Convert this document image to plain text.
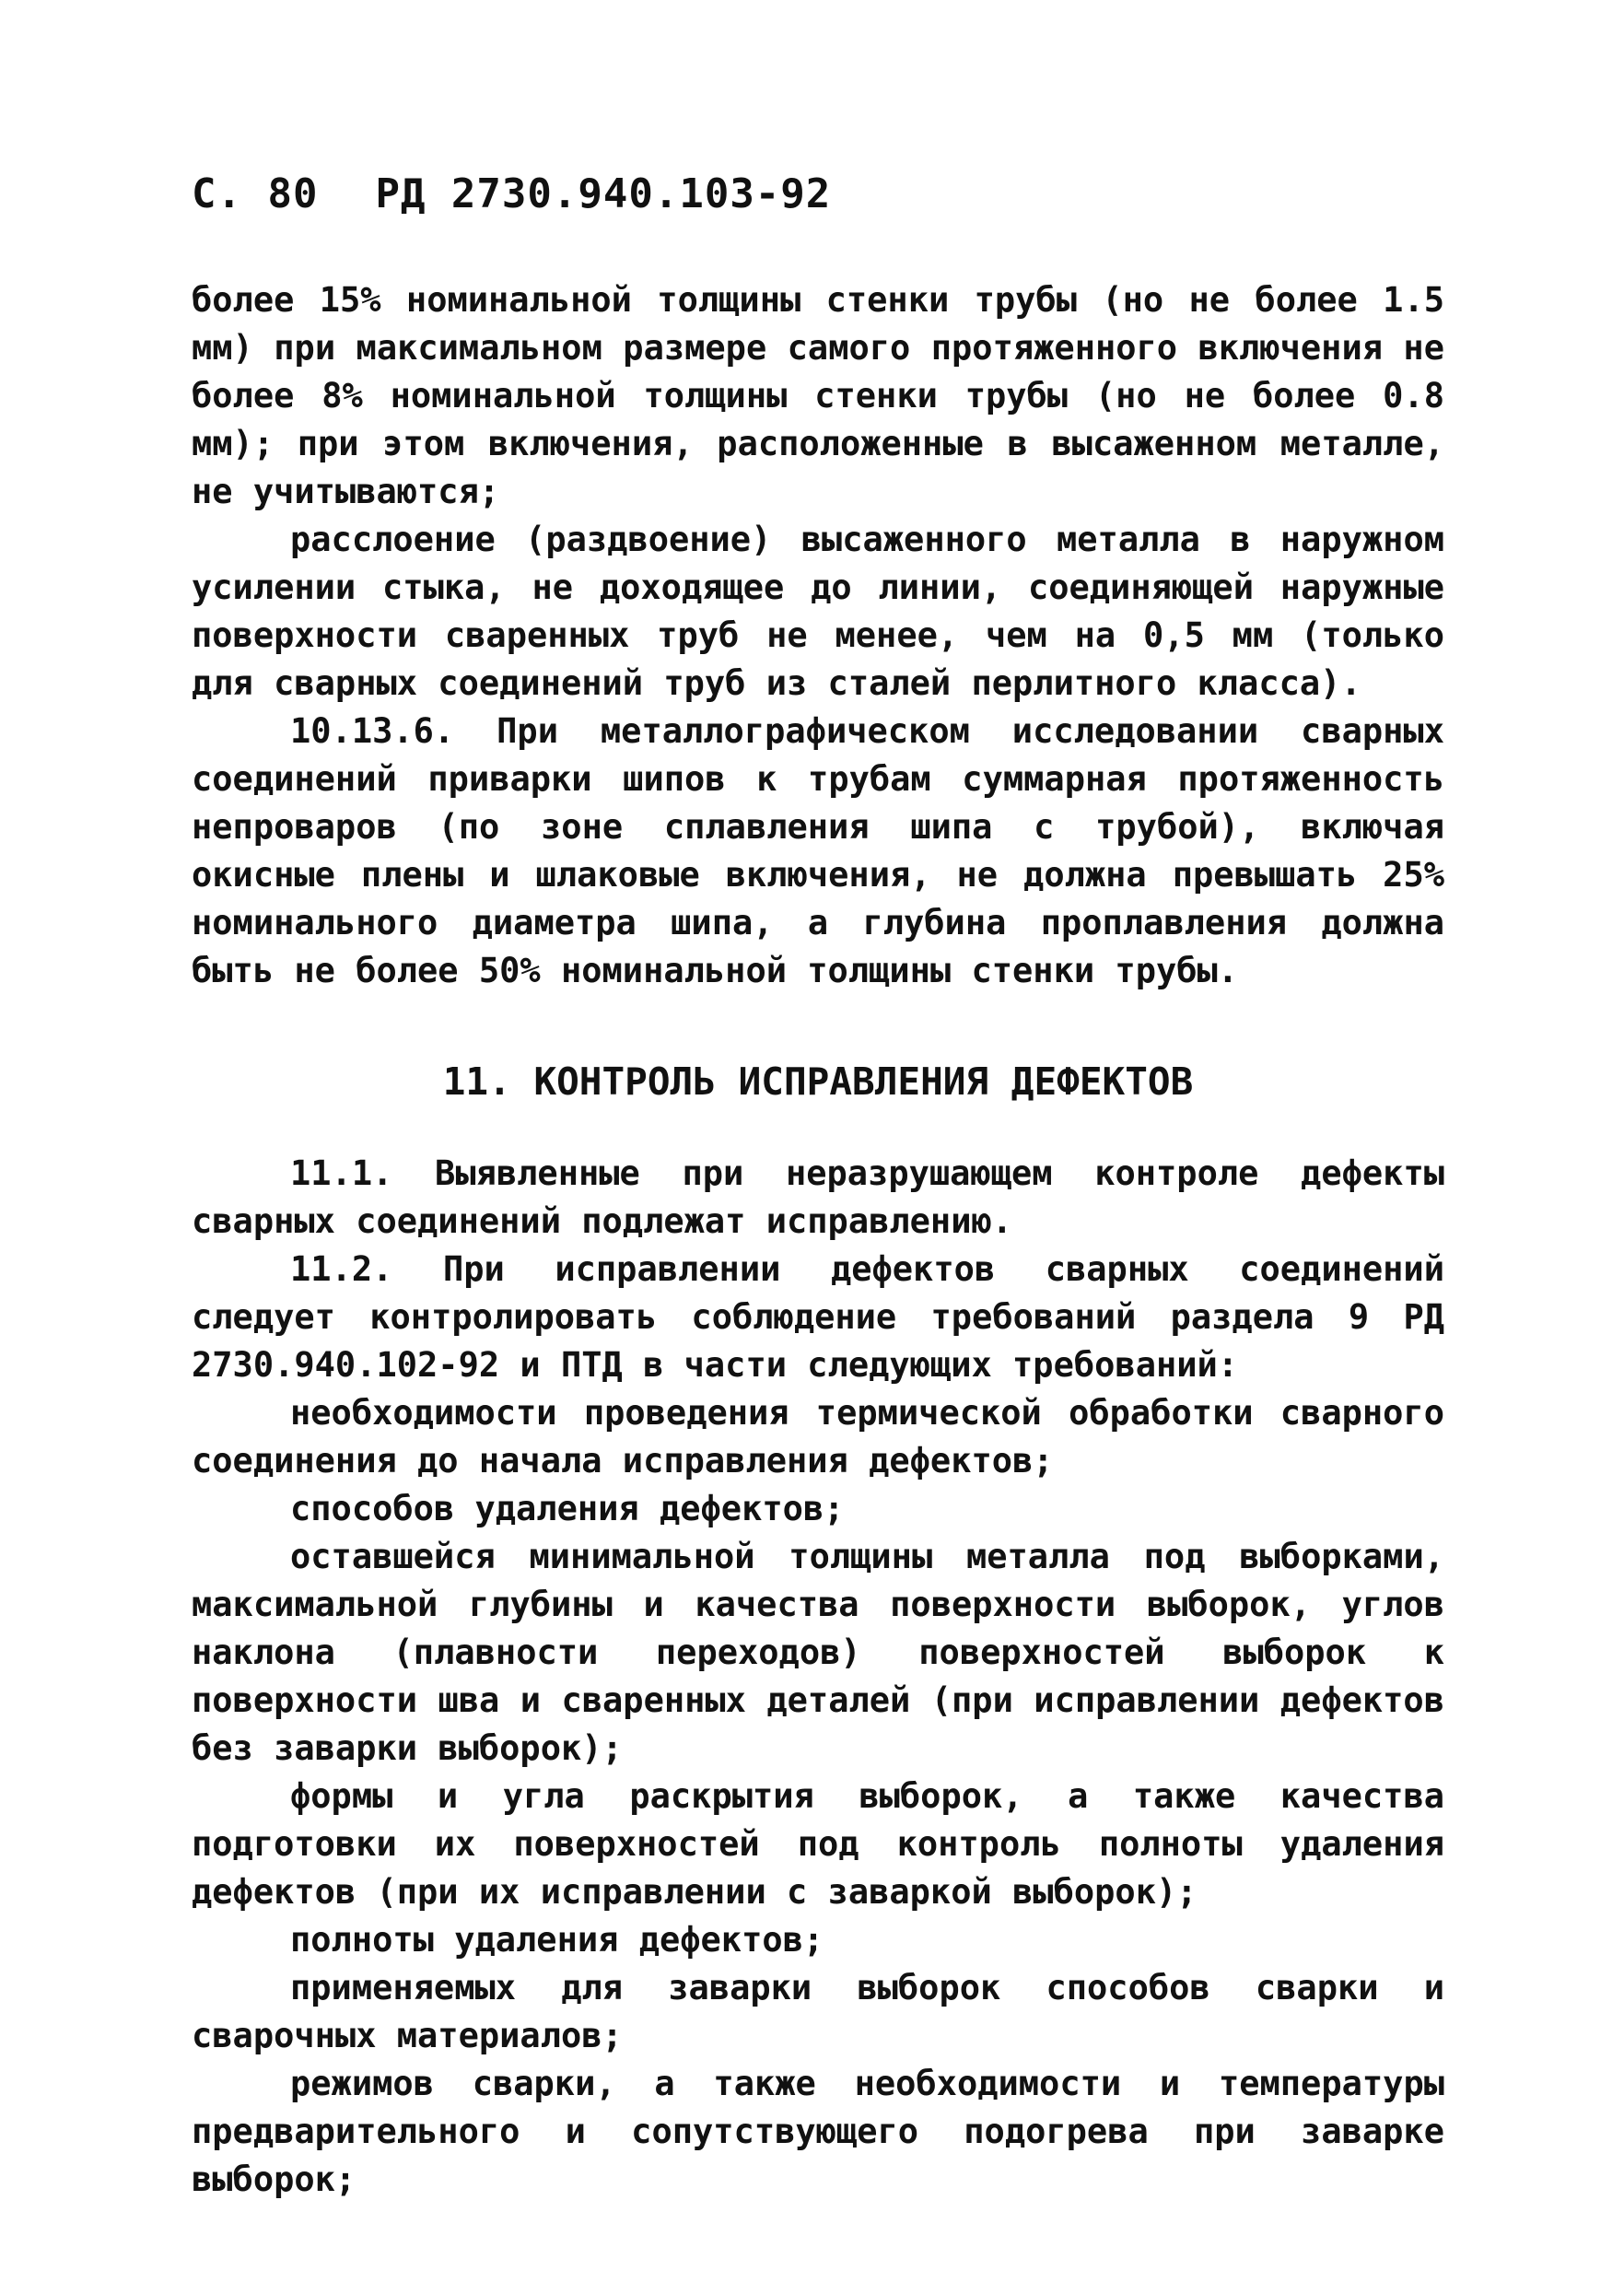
С. 80 РД 2730.940.103-92

более 15% номинальной толщины стенки трубы (но не более 1.5 мм) при максимальном размере самого протяженного включения не более 8% номинальной толщины стенки трубы (но не более 0.8 мм); при этом включения, расположенные в высаженном металле, не учитываются;

расслоение (раздвоение) высаженного металла в наружном усилении стыка, не доходящее до линии, соединяющей наружные поверхности сваренных труб не менее, чем на 0,5 мм (только для сварных соединений труб из сталей перлитного класса).

10.13.6. При металлографическом исследовании сварных соединений приварки шипов к трубам суммарная протяженность непроваров (по зоне сплавления шипа с трубой), включая окисные плены и шлаковые включения, не должна превышать 25% номинального диаметра шипа, а глубина проплавления должна быть не более 50% номинальной толщины стенки трубы.

11. КОНТРОЛЬ ИСПРАВЛЕНИЯ ДЕФЕКТОВ

11.1. Выявленные при неразрушающем контроле дефекты сварных соединений подлежат исправлению.

11.2. При исправлении дефектов сварных соединений следует контролировать соблюдение требований раздела 9 РД 2730.940.102-92 и ПТД в части следующих требований:

необходимости проведения термической обработки сварного соединения до начала исправления дефектов;

способов удаления дефектов;

оставшейся минимальной толщины металла под выборками, максимальной глубины и качества поверхности выборок, углов наклона (плавности переходов) поверхностей выборок к поверхности шва и сваренных деталей (при исправлении дефектов без заварки выборок);

формы и угла раскрытия выборок, а также качества подготовки их поверхностей под контроль полноты удаления дефектов (при их исправлении с заваркой выборок);

полноты удаления дефектов;

применяемых для заварки выборок способов сварки и сварочных материалов;

режимов сварки, а также необходимости и температуры предварительного и сопутствующего подогрева при заварке выборок;
